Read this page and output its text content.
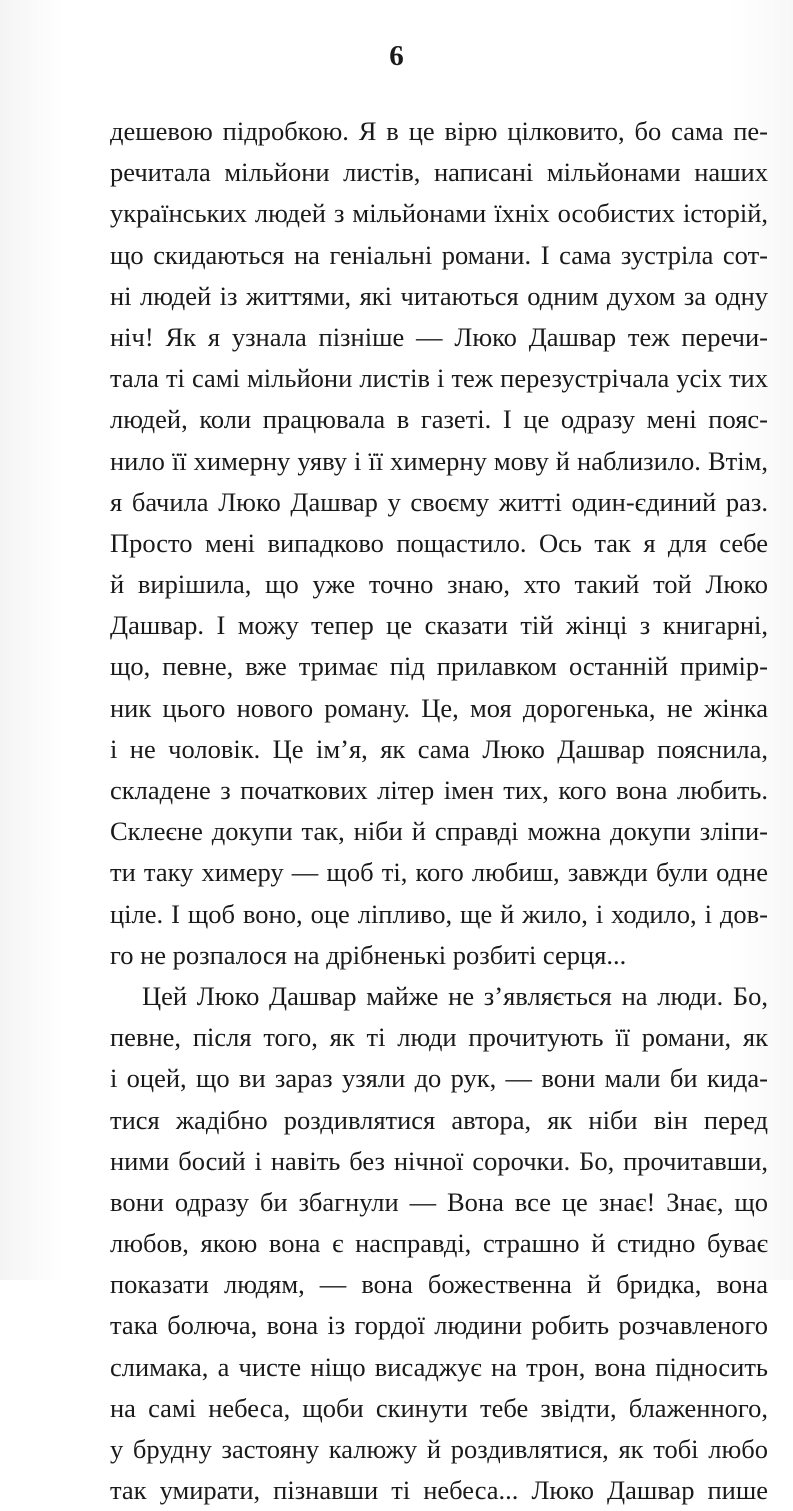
6
дешевою підробкою. Я в це вірю цілковито, бо сама пе-
речитала мільйони листів, написані мільйонами наших
українських людей з мільйонами їхніх особистих історій,
що скидаються на геніальні романи. І сама зустріла сот-
ні людей із життями, які читаються одним духом за одну
ніч! Як я узнала пізніше — Люко Дашвар теж перечи-
тала ті самі мільйони листів і теж перезустрічала усіх тих
людей, коли працювала в газеті. І це одразу мені пояс-
нило її химерну уяву і її химерну мову й наблизило. Втім,
я бачила Люко Дашвар у своєму житті один-єдиний раз.
Просто мені випадково пощастило. Ось так я для себе
й вирішила, що уже точно знаю, хто такий той Люко
Дашвар. І можу тепер це сказати тій жінці з книгарні,
що, певне, вже тримає під прилавком останній примір-
ник цього нового роману. Це, моя дорогенька, не жінка
і не чоловік. Це ім’я, як сама Люко Дашвар пояснила,
складене з початкових літер імен тих, кого вона любить.
Склеєне докупи так, ніби й справді можна докупи зліпи-
ти таку химеру — щоб ті, кого любиш, завжди були одне
ціле. І щоб воно, оце ліпливо, ще й жило, і ходило, і дов-
го не розпалося на дрібненькі розбиті серця...
Цей Люко Дашвар майже не з’являється на люди. Бо,
певне, після того, як ті люди прочитують її романи, як
і оцей, що ви зараз узяли до рук, — вони мали би кида-
тися жадібно роздивлятися автора, як ніби він перед
ними босий і навіть без нічної сорочки. Бо, прочитавши,
вони одразу би збагнули — Вона все це знає! Знає, що
любов, якою вона є насправді, страшно й стидно буває
показати людям, — вона божественна й бридка, вона
така болюча, вона із гордої людини робить розчавленого
слимака, а чисте ніщо висаджує на трон, вона підносить
на самі небеса, щоби скинути тебе звідти, блаженного,
у брудну застояну калюжу й роздивлятися, як тобі любо
так умирати, пізнавши ті небеса... Люко Дашвар пише
